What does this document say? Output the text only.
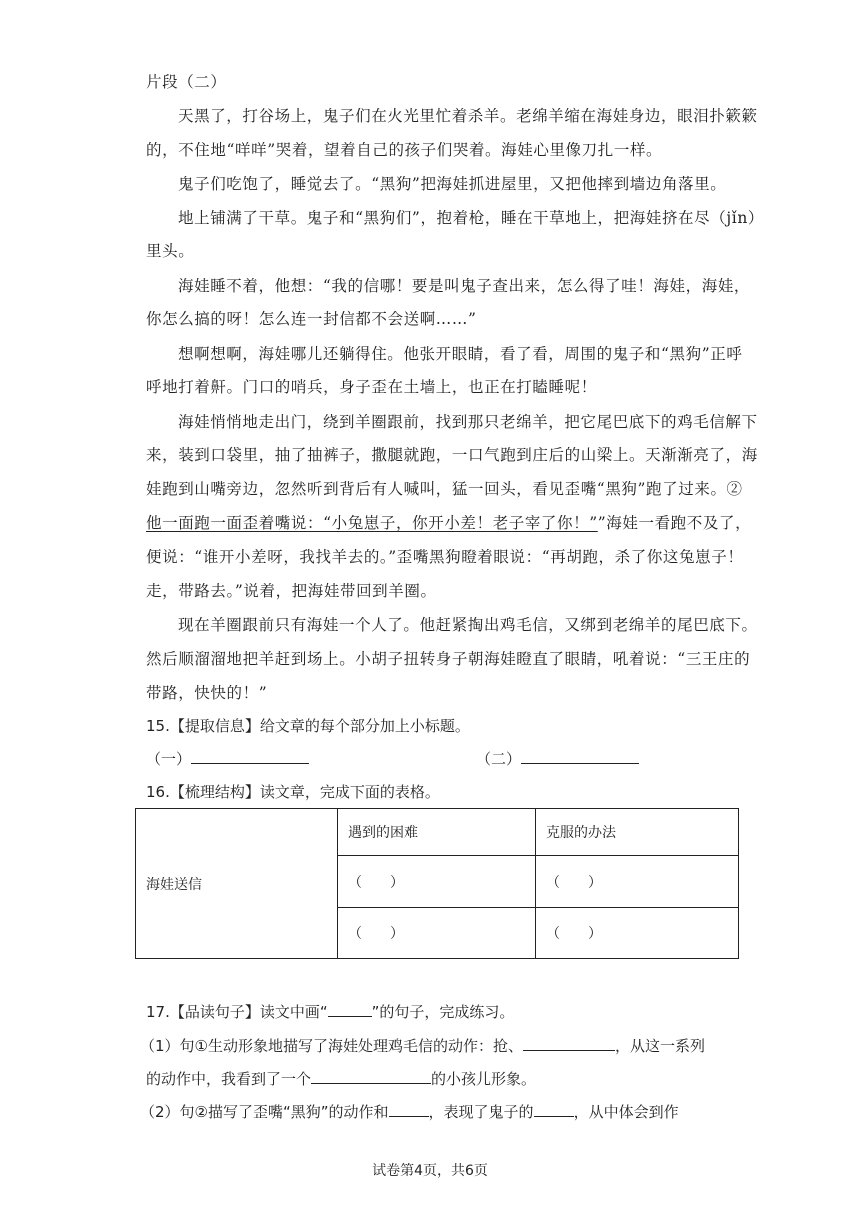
片段（二）
天黑了，打谷场上，鬼子们在火光里忙着杀羊。老绵羊缩在海娃身边，眼泪扑簌簌
的，不住地“咩咩”哭着，望着自己的孩子们哭着。海娃心里像刀扎一样。
鬼子们吃饱了，睡觉去了。“黑狗”把海娃抓进屋里，又把他摔到墙边角落里。
地上铺满了干草。鬼子和“黑狗们”，抱着枪，睡在干草地上，把海娃挤在尽（jǐn）
里头。
海娃睡不着，他想：“我的信哪！要是叫鬼子查出来，怎么得了哇！海娃，海娃，
你怎么搞的呀！怎么连一封信都不会送啊……”
想啊想啊，海娃哪儿还躺得住。他张开眼睛，看了看，周围的鬼子和“黑狗”正呼
呼地打着鼾。门口的哨兵，身子歪在土墙上，也正在打瞌睡呢！
海娃悄悄地走出门，绕到羊圈跟前，找到那只老绵羊，把它尾巴底下的鸡毛信解下
来，装到口袋里，抽了抽裤子，撒腿就跑，一口气跑到庄后的山梁上。天渐渐亮了，海
娃跑到山嘴旁边，忽然听到背后有人喊叫，猛一回头，看见歪嘴“黑狗”跑了过来。②
他一面跑一面歪着嘴说：“小兔崽子，你开小差！老子宰了你！””海娃一看跑不及了，
便说：“谁开小差呀，我找羊去的。”歪嘴黑狗瞪着眼说：“再胡跑，杀了你这兔崽子！
走，带路去。”说着，把海娃带回到羊圈。
现在羊圈跟前只有海娃一个人了。他赶紧掏出鸡毛信，又绑到老绵羊的尾巴底下。
然后顺溜溜地把羊赶到场上。小胡子扭转身子朝海娃瞪直了眼睛，吼着说：“三王庄的
带路，快快的！”
15.【提取信息】给文章的每个部分加上小标题。
（一）	（二）
16.【梳理结构】读文章，完成下面的表格。
海娃送信	遇到的困难	克服的办法
	（　　）	（　　）
	（　　）	（　　）
17.【品读句子】读文中画“	”的句子，完成练习。
（1）句①生动形象地描写了海娃处理鸡毛信的动作：抢、	，从这一系列
的动作中，我看到了一个	的小孩儿形象。
（2）句②描写了歪嘴“黑狗”的动作和	，表现了鬼子的	，从中体会到作
试卷第4页，共6页
